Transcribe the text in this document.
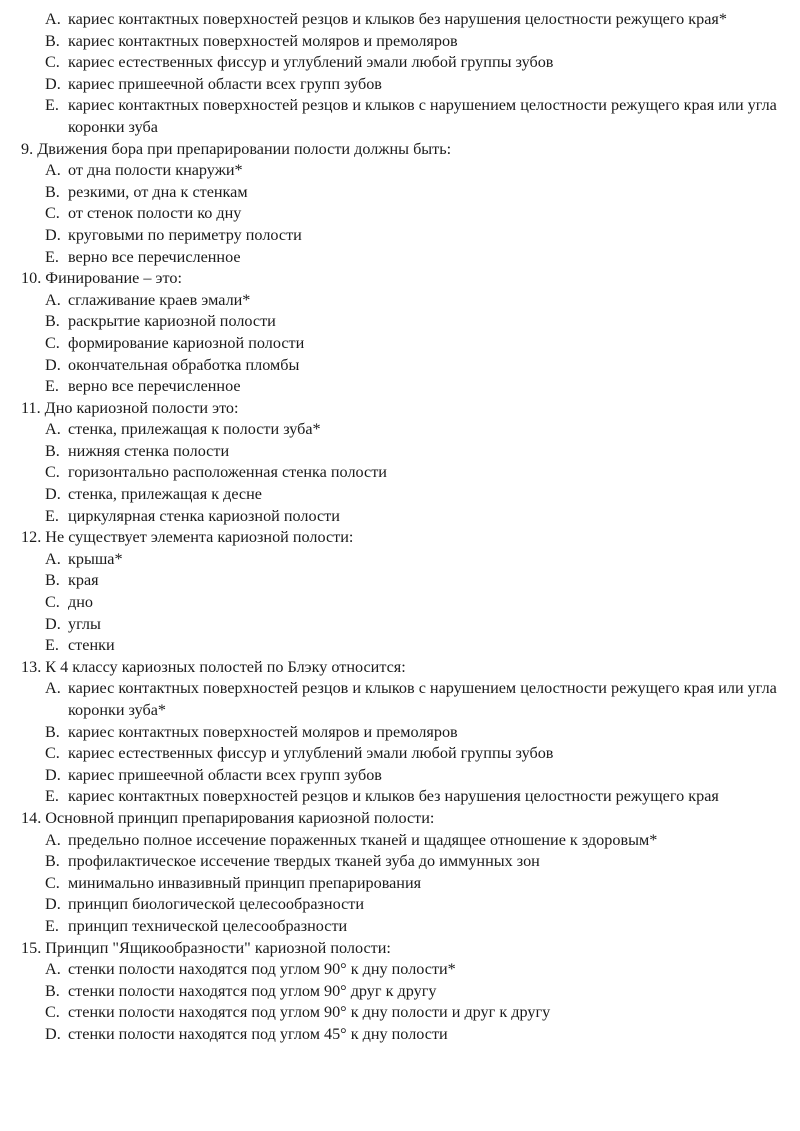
A. кариес контактных поверхностей резцов и клыков без нарушения целостности режущего края*
B. кариес контактных поверхностей моляров и премоляров
C. кариес естественных фиссур и углублений эмали любой группы зубов
D. кариес пришеечной области всех групп зубов
E. кариес контактных поверхностей резцов и клыков с нарушением целостности режущего края или угла коронки зуба
9. Движения бора при препарировании полости должны быть:
A. от дна полости кнаружи*
B. резкими, от дна к стенкам
C. от стенок полости ко дну
D. круговыми по периметру полости
E. верно все перечисленное
10. Финирование – это:
A. сглаживание краев эмали*
B. раскрытие кариозной полости
C. формирование кариозной полости
D. окончательная обработка пломбы
E. верно все перечисленное
11. Дно кариозной полости это:
A. стенка, прилежащая к полости зуба*
B. нижняя стенка полости
C. горизонтально расположенная стенка полости
D. стенка, прилежащая к десне
E. циркулярная стенка кариозной полости
12. Не существует элемента кариозной полости:
A. крыша*
B. края
C. дно
D. углы
E. стенки
13. К 4 классу кариозных полостей по Блэку относится:
A. кариес контактных поверхностей резцов и клыков с нарушением целостности режущего края или угла коронки зуба*
B. кариес контактных поверхностей моляров и премоляров
C. кариес естественных фиссур и углублений эмали любой группы зубов
D. кариес пришеечной области всех групп зубов
E. кариес контактных поверхностей резцов и клыков без нарушения целостности режущего края
14. Основной принцип препарирования кариозной полости:
A. предельно полное иссечение пораженных тканей и щадящее отношение к здоровым*
B. профилактическое иссечение твердых тканей зуба до иммунных зон
C. минимально инвазивный принцип препарирования
D. принцип биологической целесообразности
E. принцип технической целесообразности
15. Принцип "Ящикообразности" кариозной полости:
A. стенки полости находятся под углом 90° к дну полости*
B. стенки полости находятся под углом 90° друг к другу
C. стенки полости находятся под углом 90° к дну полости и друг к другу
D. стенки полости находятся под углом 45° к дну полости
